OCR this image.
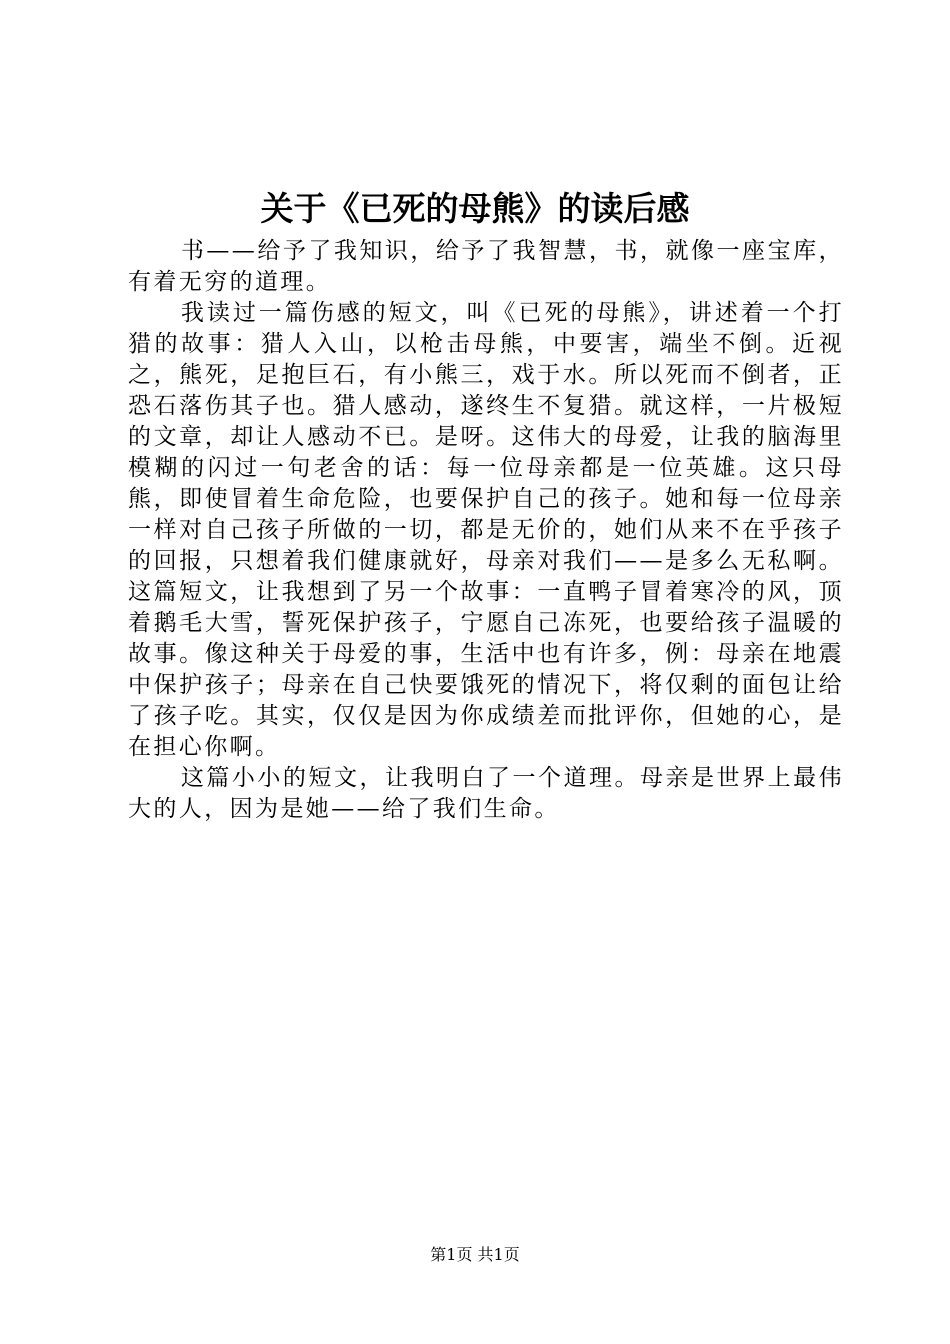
关于《已死的母熊》的读后感

书——给予了我知识，给予了我智慧，书，就像一座宝库，有着无穷的道理。

我读过一篇伤感的短文，叫《已死的母熊》，讲述着一个打猎的故事：猎人入山，以枪击母熊，中要害，端坐不倒。近视之，熊死，足抱巨石，有小熊三，戏于水。所以死而不倒者，正恐石落伤其子也。猎人感动，遂终生不复猎。就这样，一片极短的文章，却让人感动不已。是呀。这伟大的母爱，让我的脑海里模糊的闪过一句老舍的话：每一位母亲都是一位英雄。这只母熊，即使冒着生命危险，也要保护自己的孩子。她和每一位母亲一样对自己孩子所做的一切，都是无价的，她们从来不在乎孩子的回报，只想着我们健康就好，母亲对我们——是多么无私啊。这篇短文，让我想到了另一个故事：一直鸭子冒着寒冷的风，顶着鹅毛大雪，誓死保护孩子，宁愿自己冻死，也要给孩子温暖的故事。像这种关于母爱的事，生活中也有许多，例：母亲在地震中保护孩子；母亲在自己快要饿死的情况下，将仅剩的面包让给了孩子吃。其实，仅仅是因为你成绩差而批评你，但她的心，是在担心你啊。

这篇小小的短文，让我明白了一个道理。母亲是世界上最伟大的人，因为是她——给了我们生命。

第1页 共1页
